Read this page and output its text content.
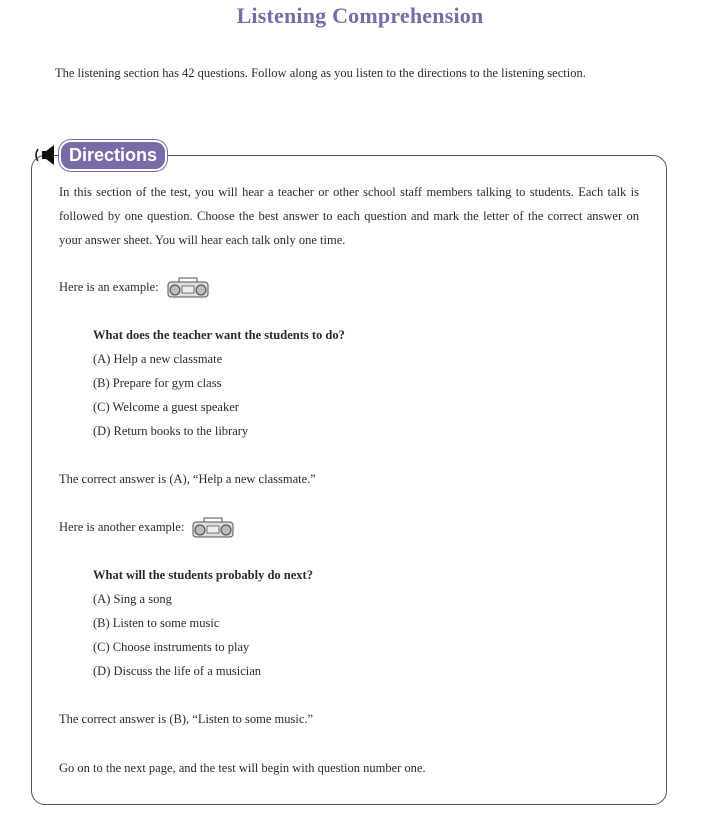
Listening Comprehension
The listening section has 42 questions. Follow along as you listen to the directions to the listening section.
Directions
In this section of the test, you will hear a teacher or other school staff members talking to students. Each talk is followed by one question. Choose the best answer to each question and mark the letter of the correct answer on your answer sheet. You will hear each talk only one time.
Here is an example:
What does the teacher want the students to do?
(A) Help a new classmate
(B) Prepare for gym class
(C) Welcome a guest speaker
(D) Return books to the library
The correct answer is (A), “Help a new classmate.”
Here is another example:
What will the students probably do next?
(A) Sing a song
(B) Listen to some music
(C) Choose instruments to play
(D) Discuss the life of a musician
The correct answer is (B), “Listen to some music.”
Go on to the next page, and the test will begin with question number one.
